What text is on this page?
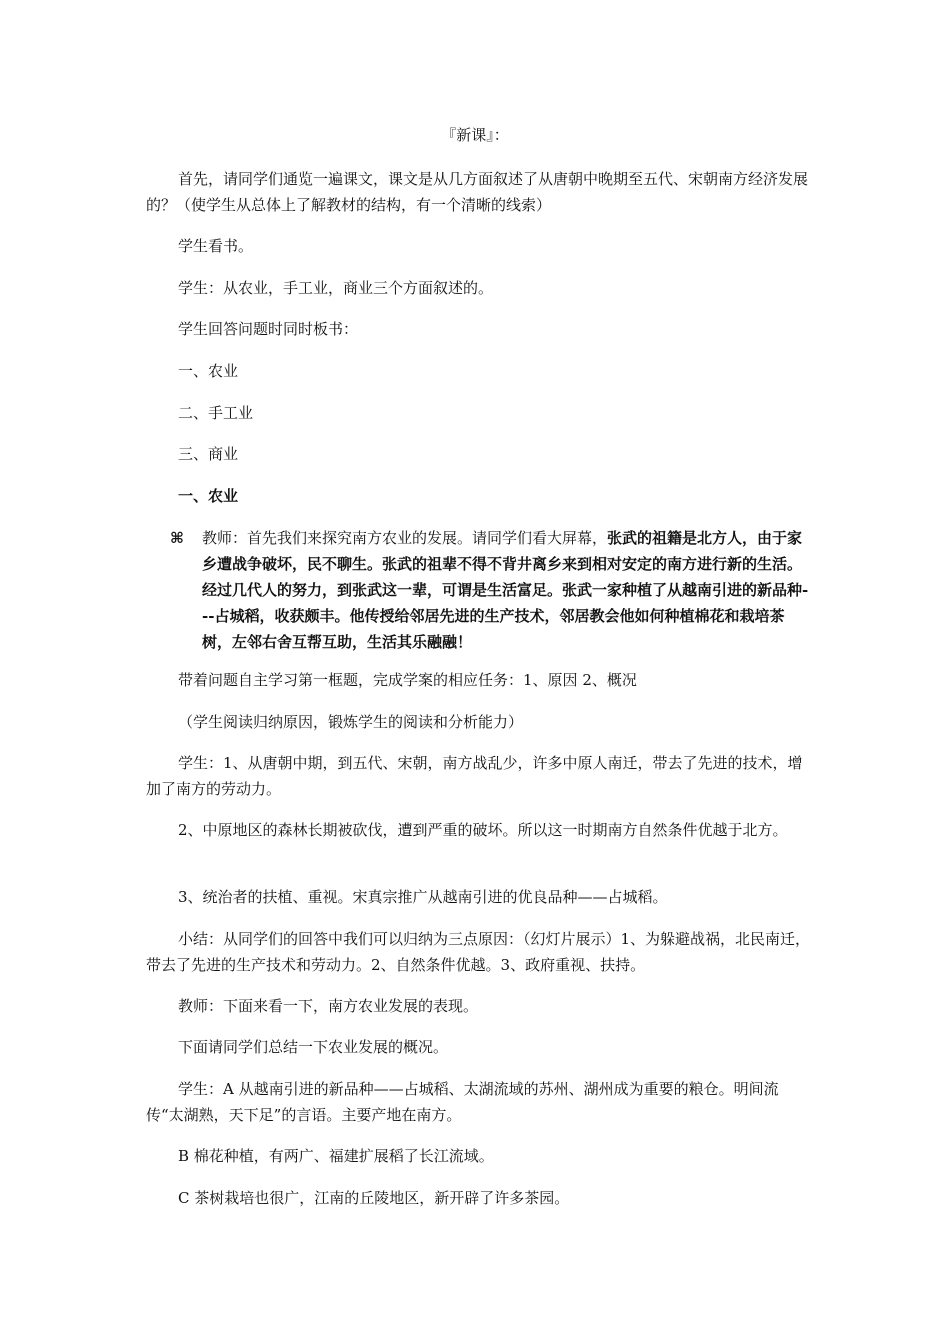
『新课』：

首先，请同学们通览一遍课文，课文是从几方面叙述了从唐朝中晚期至五代、宋朝南方经济发展的？（使学生从总体上了解教材的结构，有一个清晰的线索）

学生看书。

学生：从农业，手工业，商业三个方面叙述的。

学生回答问题时同时板书：

一、农业

二、手工业

三、商业

一、农业

⌘ 教师：首先我们来探究南方农业的发展。请同学们看大屏幕，张武的祖籍是北方人，由于家乡遭战争破坏，民不聊生。张武的祖辈不得不背井离乡来到相对安定的南方进行新的生活。经过几代人的努力，到张武这一辈，可谓是生活富足。张武一家种植了从越南引进的新品种---占城稻，收获颇丰。他传授给邻居先进的生产技术，邻居教会他如何种植棉花和栽培茶树，左邻右舍互帮互助，生活其乐融融！

带着问题自主学习第一框题，完成学案的相应任务：1、原因 2、概况

（学生阅读归纳原因，锻炼学生的阅读和分析能力）

学生：1、从唐朝中期，到五代、宋朝，南方战乱少，许多中原人南迁，带去了先进的技术，增加了南方的劳动力。

2、中原地区的森林长期被砍伐，遭到严重的破坏。所以这一时期南方自然条件优越于北方。

3、统治者的扶植、重视。宋真宗推广从越南引进的优良品种——占城稻。

小结：从同学们的回答中我们可以归纳为三点原因：（幻灯片展示）1、为躲避战祸，北民南迁，带去了先进的生产技术和劳动力。2、自然条件优越。3、政府重视、扶持。

教师：下面来看一下，南方农业发展的表现。

下面请同学们总结一下农业发展的概况。

学生：A 从越南引进的新品种——占城稻、太湖流域的苏州、湖州成为重要的粮仓。明间流传“太湖熟，天下足”的言语。主要产地在南方。

B 棉花种植，有两广、福建扩展稻了长江流域。

C 茶树栽培也很广，江南的丘陵地区，新开辟了许多茶园。
